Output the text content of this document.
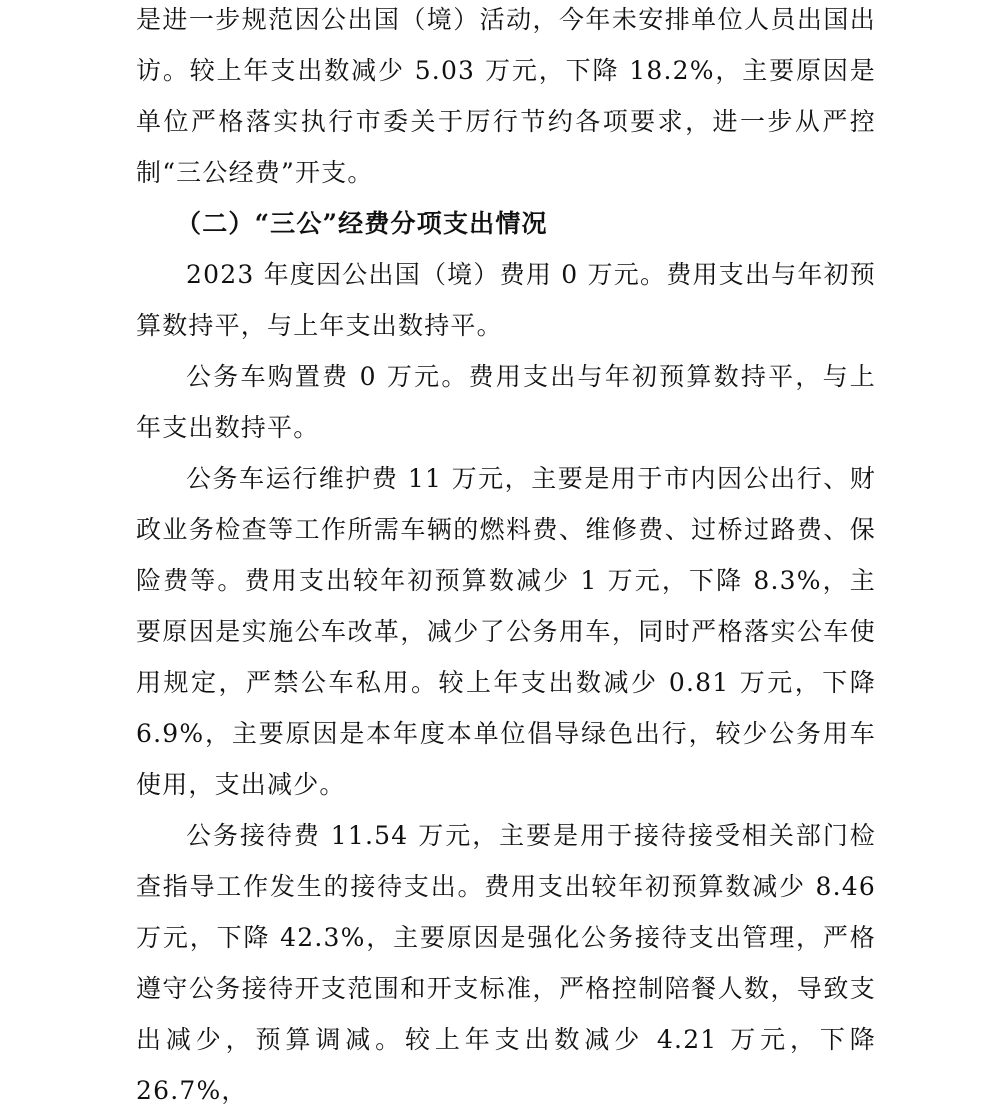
是进一步规范因公出国（境）活动，今年未安排单位人员出国出访。较上年支出数减少 5.03 万元，下降 18.2%，主要原因是单位严格落实执行市委关于厉行节约各项要求，进一步从严控制“三公经费”开支。

（二）“三公”经费分项支出情况

2023 年度因公出国（境）费用 0 万元。费用支出与年初预算数持平，与上年支出数持平。

公务车购置费 0 万元。费用支出与年初预算数持平，与上年支出数持平。

公务车运行维护费 11 万元，主要是用于市内因公出行、财政业务检查等工作所需车辆的燃料费、维修费、过桥过路费、保险费等。费用支出较年初预算数减少 1 万元，下降 8.3%，主要原因是实施公车改革，减少了公务用车，同时严格落实公车使用规定，严禁公车私用。较上年支出数减少 0.81 万元，下降6.9%，主要原因是本年度本单位倡导绿色出行，较少公务用车使用，支出减少。

公务接待费 11.54 万元，主要是用于接待接受相关部门检查指导工作发生的接待支出。费用支出较年初预算数减少 8.46 万元，下降 42.3%，主要原因是强化公务接待支出管理，严格遵守公务接待开支范围和开支标准，严格控制陪餐人数，导致支出减少，预算调减。较上年支出数减少 4.21 万元，下降 26.7%，
